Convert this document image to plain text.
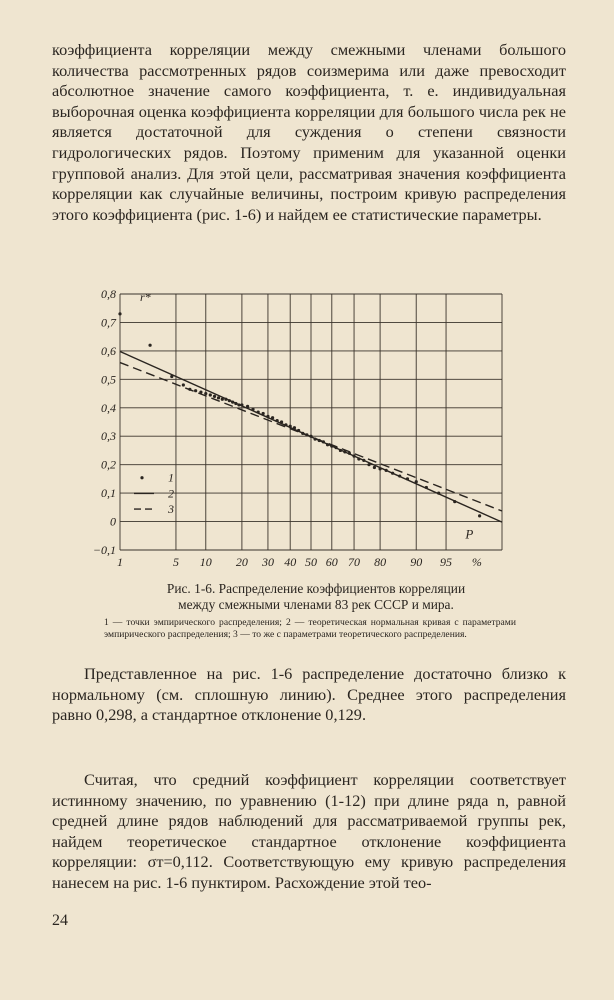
коэффициента корреляции между смежными членами большого количества рассмотренных рядов соизмерима или даже превосходит абсолютное значение самого коэффициента, т. е. индивидуальная выборочная оценка коэффициента корреляции для большого числа рек не является достаточной для суждения о степени связности гидрологических рядов. Поэтому применим для указанной оценки групповой анализ. Для этой цели, рассматривая значения коэффициента корреляции как случайные величины, построим кривую распределения этого коэффициента (рис. 1-6) и найдем ее статистические параметры.

0,8
0,7
0,6
0,5
0,4
0,3
0,2
0,1
0
−0,1
1	5 10 20 30 40 50 60 70 80 90 95
1
2
3
r*
P
%

Рис. 1-6. Распределение коэффициентов корреляции

между смежными членами 83 рек СССР и мира.

1 — точки эмпирического распределения; 2 — теоретическая нормальная кривая с параметрами эмпирического распределения; 3 — то же с параметрами теоретического распределения.

Представленное на рис. 1-6 распределение достаточно близко к нормальному (см. сплошную линию). Среднее этого распределения равно 0,298, а стандартное отклонение 0,129.

Считая, что средний коэффициент корреляции соответствует истинному значению, по уравнению (1-12) при длине ряда n, равной средней длине рядов наблюдений для рассматриваемой группы рек, найдем теоретическое стандартное отклонение коэффициента корреляции: σт=0,112. Соответствующую ему кривую распределения нанесем на рис. 1-6 пунктиром. Расхождение этой тео-

24
